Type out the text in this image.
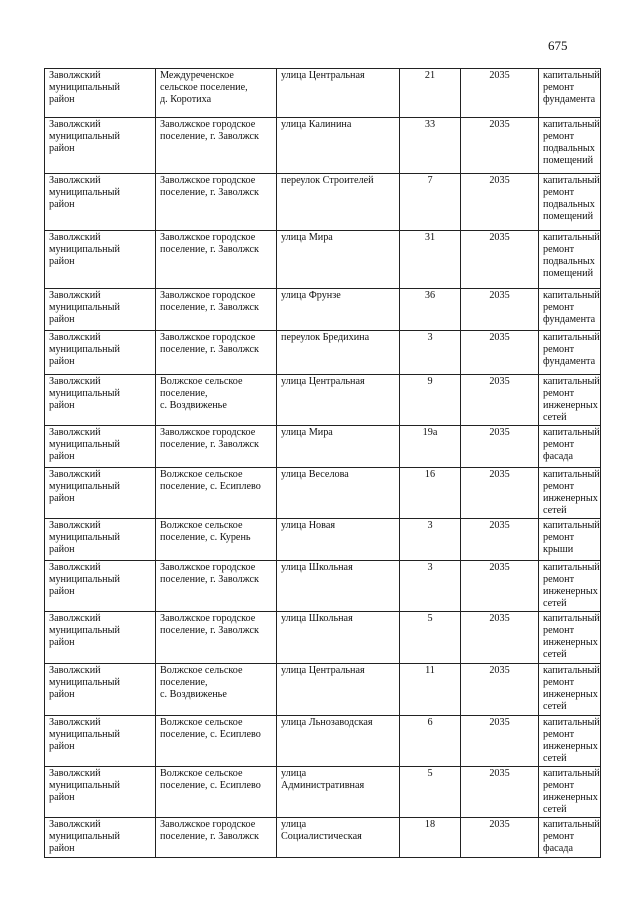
675
Заволжский
муниципальный
район	Междуреченское
сельское поселение,
д. Коротиха	улица Центральная	21	2035	капитальный
ремонт
фундамента

Заволжский
муниципальный
район	Заволжское городское
поселение, г. Заволжск	улица Калинина	33	2035	капитальный
ремонт
подвальных
помещений

Заволжский
муниципальный
район	Заволжское городское
поселение, г. Заволжск	переулок Строителей	7	2035	капитальный
ремонт
подвальных
помещений

Заволжский
муниципальный
район	Заволжское городское
поселение, г. Заволжск	улица Мира	31	2035	капитальный
ремонт
подвальных
помещений

Заволжский
муниципальный
район	Заволжское городское
поселение, г. Заволжск	улица Фрунзе	36	2035	капитальный
ремонт
фундамента

Заволжский
муниципальный
район	Заволжское городское
поселение, г. Заволжск	переулок Бредихина	3	2035	капитальный
ремонт
фундамента

Заволжский
муниципальный
район	Волжское сельское
поселение,
с. Воздвиженье	улица Центральная	9	2035	капитальный
ремонт
инженерных
сетей

Заволжский
муниципальный
район	Заволжское городское
поселение, г. Заволжск	улица Мира	19а	2035	капитальный
ремонт фасада

Заволжский
муниципальный
район	Волжское сельское
поселение, с. Есиплево	улица Веселова	16	2035	капитальный
ремонт
инженерных
сетей

Заволжский
муниципальный
район	Волжское сельское
поселение, с. Курень	улица Новая	3	2035	капитальный
ремонт крыши

Заволжский
муниципальный
район	Заволжское городское
поселение, г. Заволжск	улица Школьная	3	2035	капитальный
ремонт
инженерных
сетей

Заволжский
муниципальный
район	Заволжское городское
поселение, г. Заволжск	улица Школьная	5	2035	капитальный
ремонт
инженерных
сетей

Заволжский
муниципальный
район	Волжское сельское
поселение,
с. Воздвиженье	улица Центральная	11	2035	капитальный
ремонт
инженерных
сетей

Заволжский
муниципальный
район	Волжское сельское
поселение, с. Есиплево	улица Льнозаводская	6	2035	капитальный
ремонт
инженерных
сетей

Заволжский
муниципальный
район	Волжское сельское
поселение, с. Есиплево	улица
Административная	5	2035	капитальный
ремонт
инженерных
сетей

Заволжский
муниципальный
район	Заволжское городское
поселение, г. Заволжск	улица
Социалистическая	18	2035	капитальный
ремонт фасада
